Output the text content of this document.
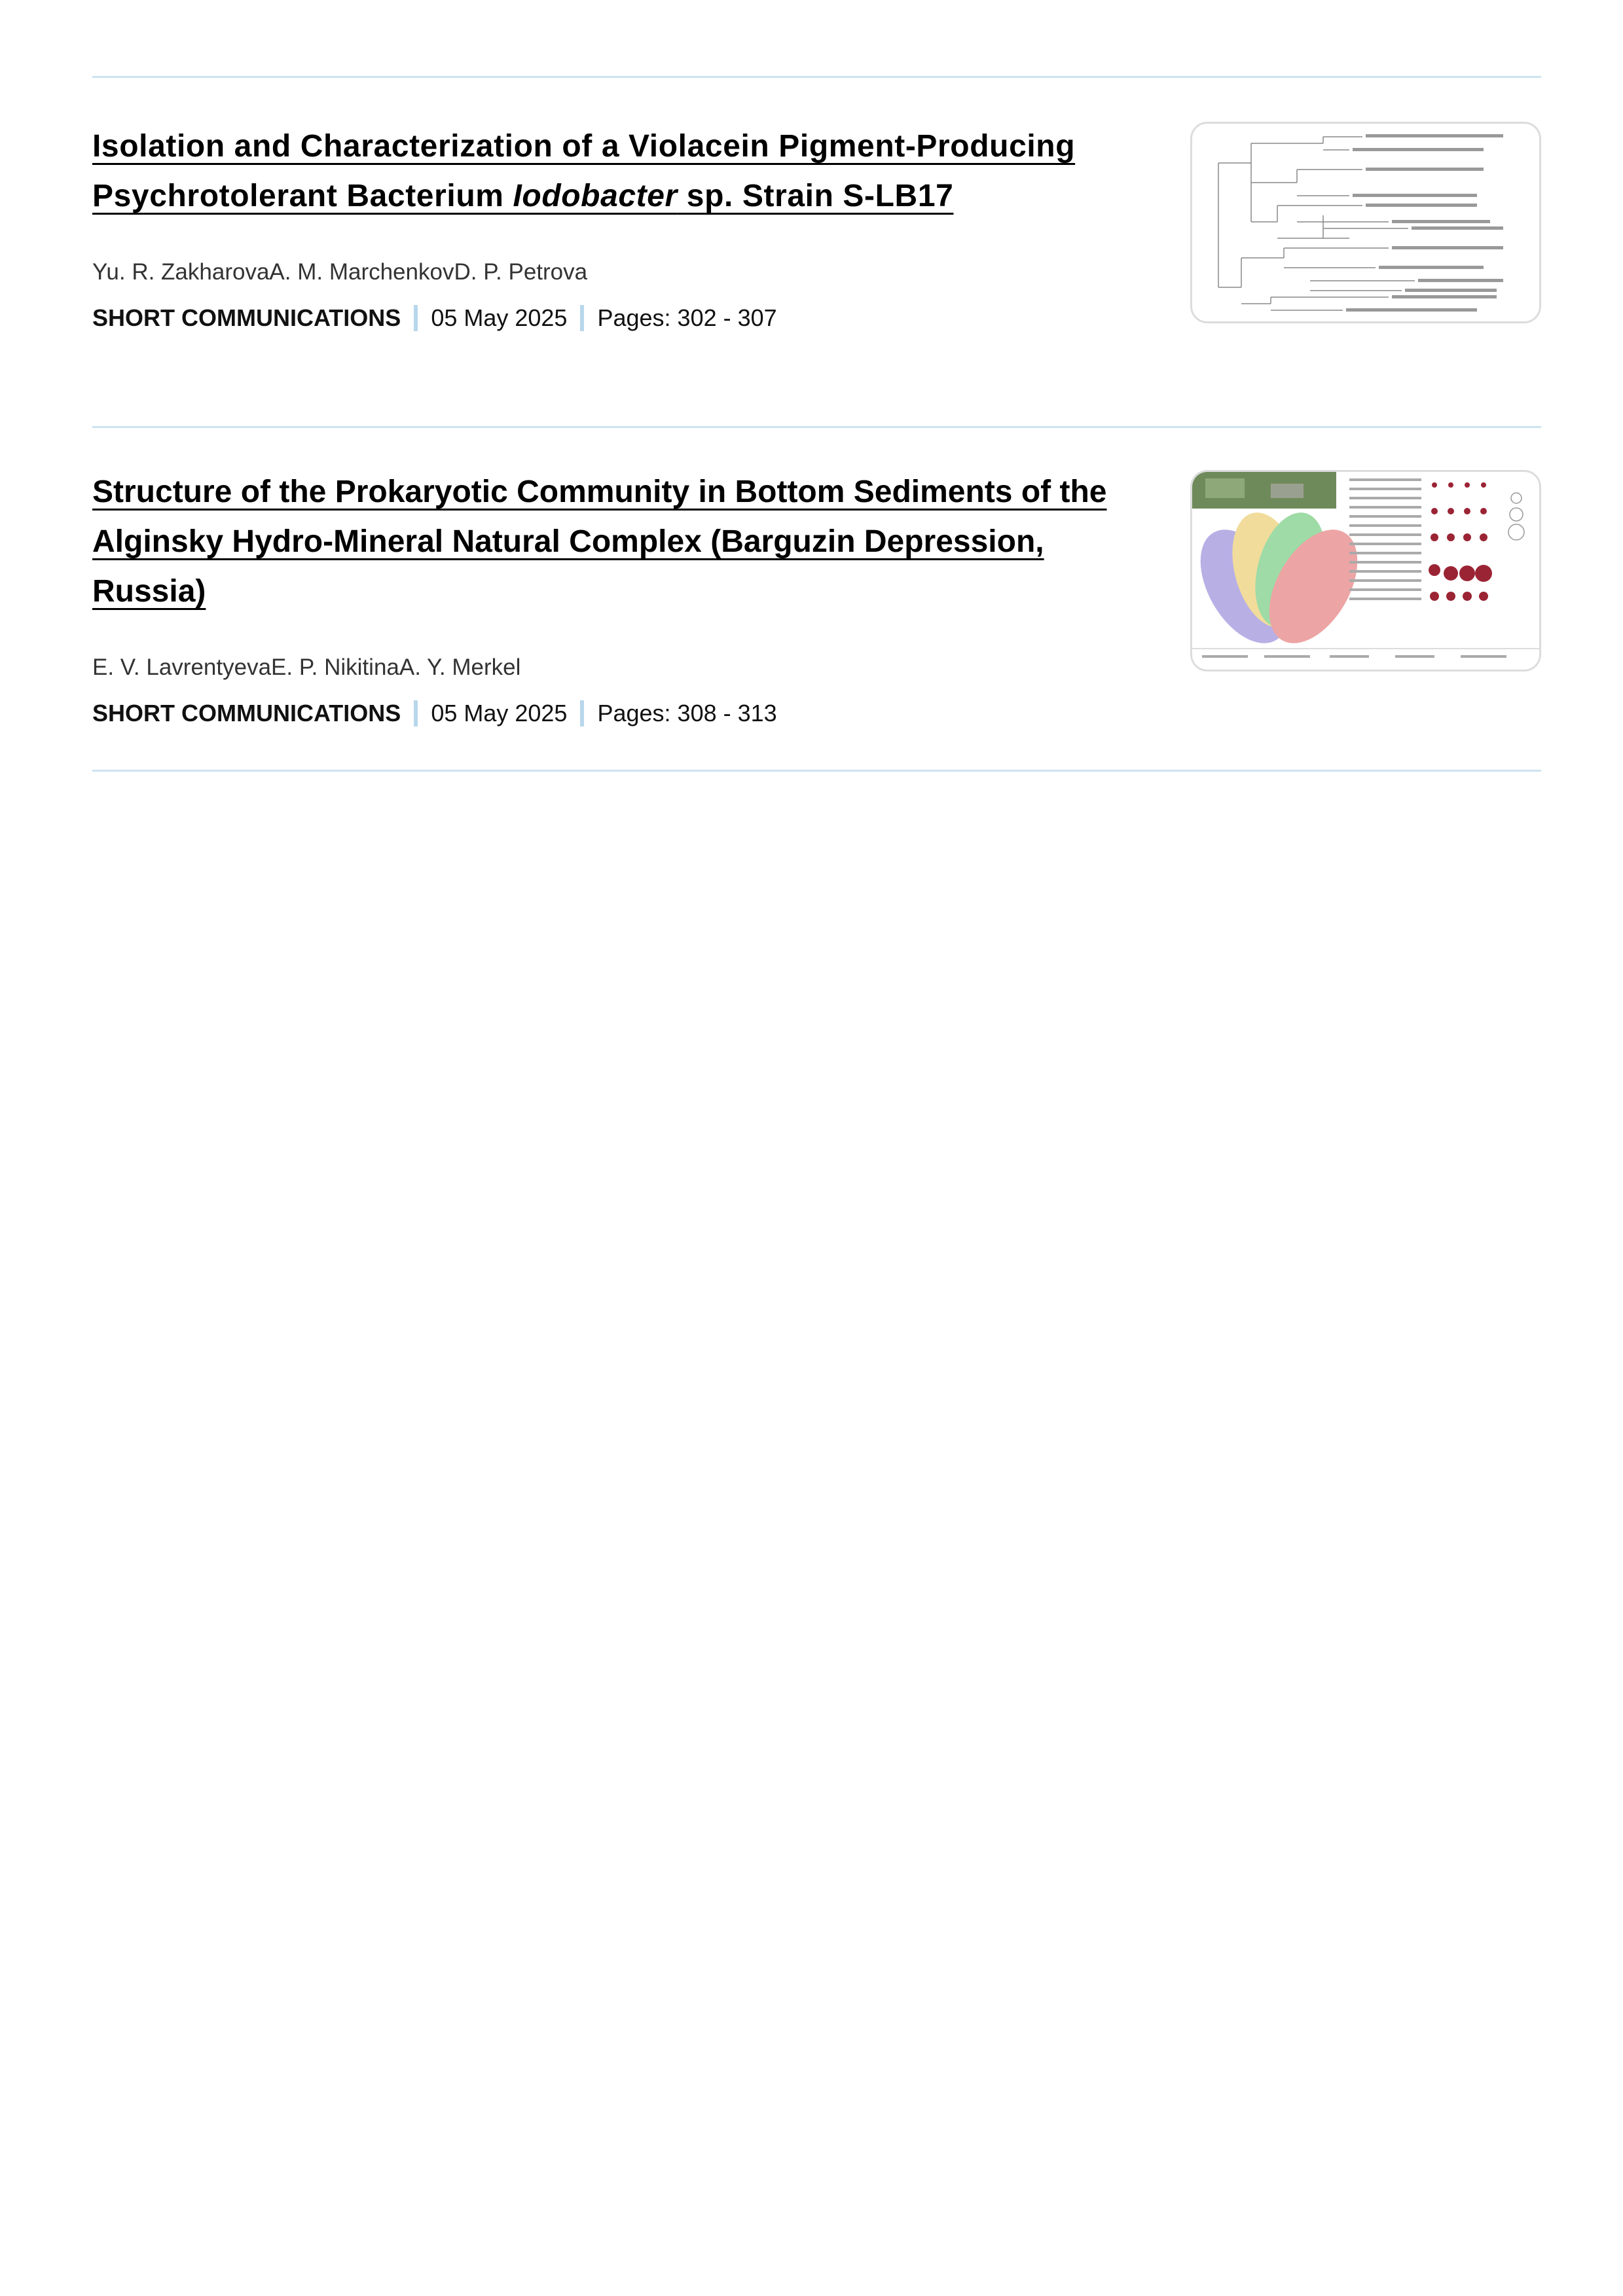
Isolation and Characterization of a Violacein Pigment-Producing Psychrotolerant Bacterium Iodobacter sp. Strain S-LB17
Yu. R. Zakharova A. M. Marchenkov D. P. Petrova
SHORT COMMUNICATIONS 05 May 2025 Pages: 302 - 307
Structure of the Prokaryotic Community in Bottom Sediments of the Alginsky Hydro-Mineral Natural Complex (Barguzin Depression, Russia)
E. V. Lavrentyeva E. P. Nikitina A. Y. Merkel
SHORT COMMUNICATIONS 05 May 2025 Pages: 308 - 313
